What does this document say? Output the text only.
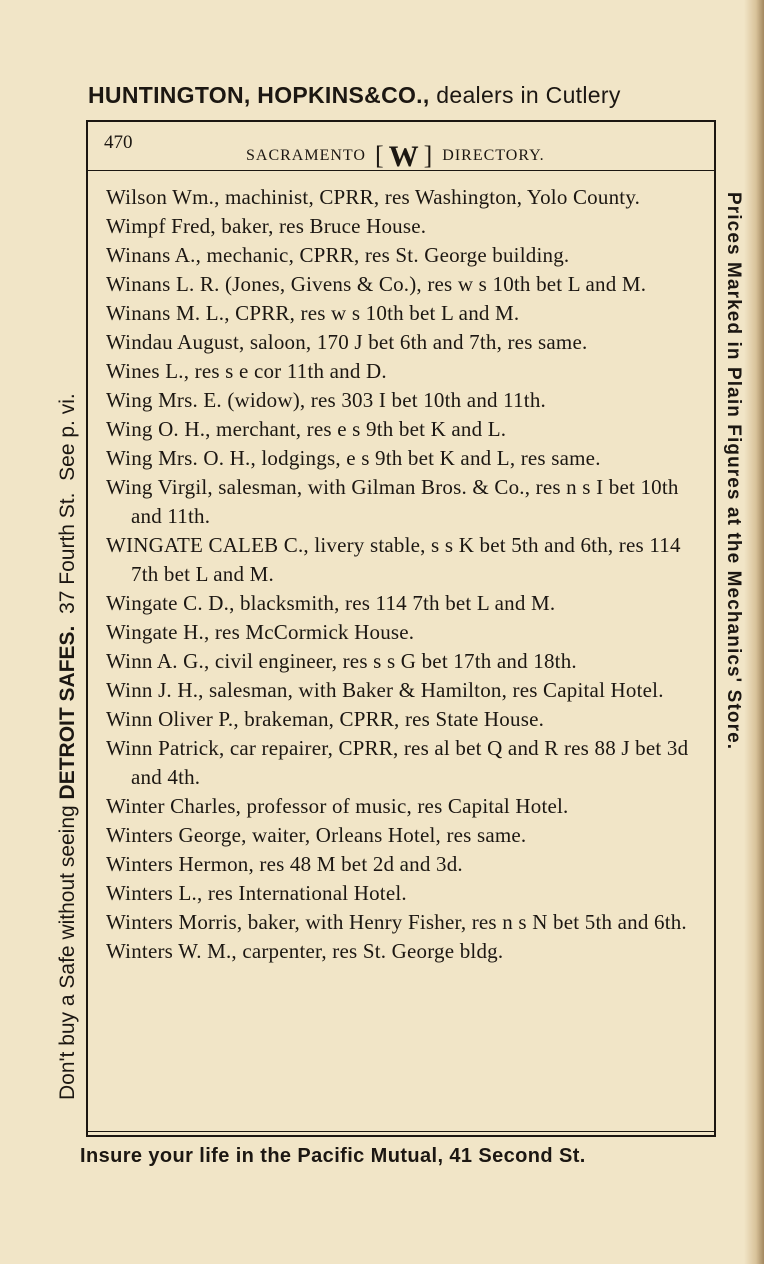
HUNTINGTON, HOPKINS&CO., dealers in Cutlery
470
SACRAMENTO [ W ] DIRECTORY.

Wilson Wm., machinist, CPRR, res Washington, Yolo County.

Wimpf Fred, baker, res Bruce House.

Winans A., mechanic, CPRR, res St. George building.

Winans L. R. (Jones, Givens & Co.), res w s 10th bet L and M.

Winans M. L., CPRR, res w s 10th bet L and M.

Windau August, saloon, 170 J bet 6th and 7th, res same.

Wines L., res s e cor 11th and D.

Wing Mrs. E. (widow), res 303 I bet 10th and 11th.

Wing O. H., merchant, res e s 9th bet K and L.

Wing Mrs. O. H., lodgings, e s 9th bet K and L, res same.

Wing Virgil, salesman, with Gilman Bros. & Co., res n s I bet 10th and 11th.

WINGATE CALEB C., livery stable, s s K bet 5th and 6th, res 114 7th bet L and M.

Wingate C. D., blacksmith, res 114 7th bet L and M.

Wingate H., res McCormick House.

Winn A. G., civil engineer, res s s G bet 17th and 18th.

Winn J. H., salesman, with Baker & Hamilton, res Capital Hotel.

Winn Oliver P., brakeman, CPRR, res State House.

Winn Patrick, car repairer, CPRR, res al bet Q and R res 88 J bet 3d and 4th.

Winter Charles, professor of music, res Capital Hotel.

Winters George, waiter, Orleans Hotel, res same.

Winters Hermon, res 48 M bet 2d and 3d.

Winters L., res International Hotel.

Winters Morris, baker, with Henry Fisher, res n s N bet 5th and 6th.

Winters W. M., carpenter, res St. George bldg.

Don't buy a Safe without seeing DETROIT SAFES.  37 Fourth St.  See p. vi.	Prices Marked in Plain Figures at the Mechanics' Store.
Insure your life in the Pacific Mutual, 41 Second St.
